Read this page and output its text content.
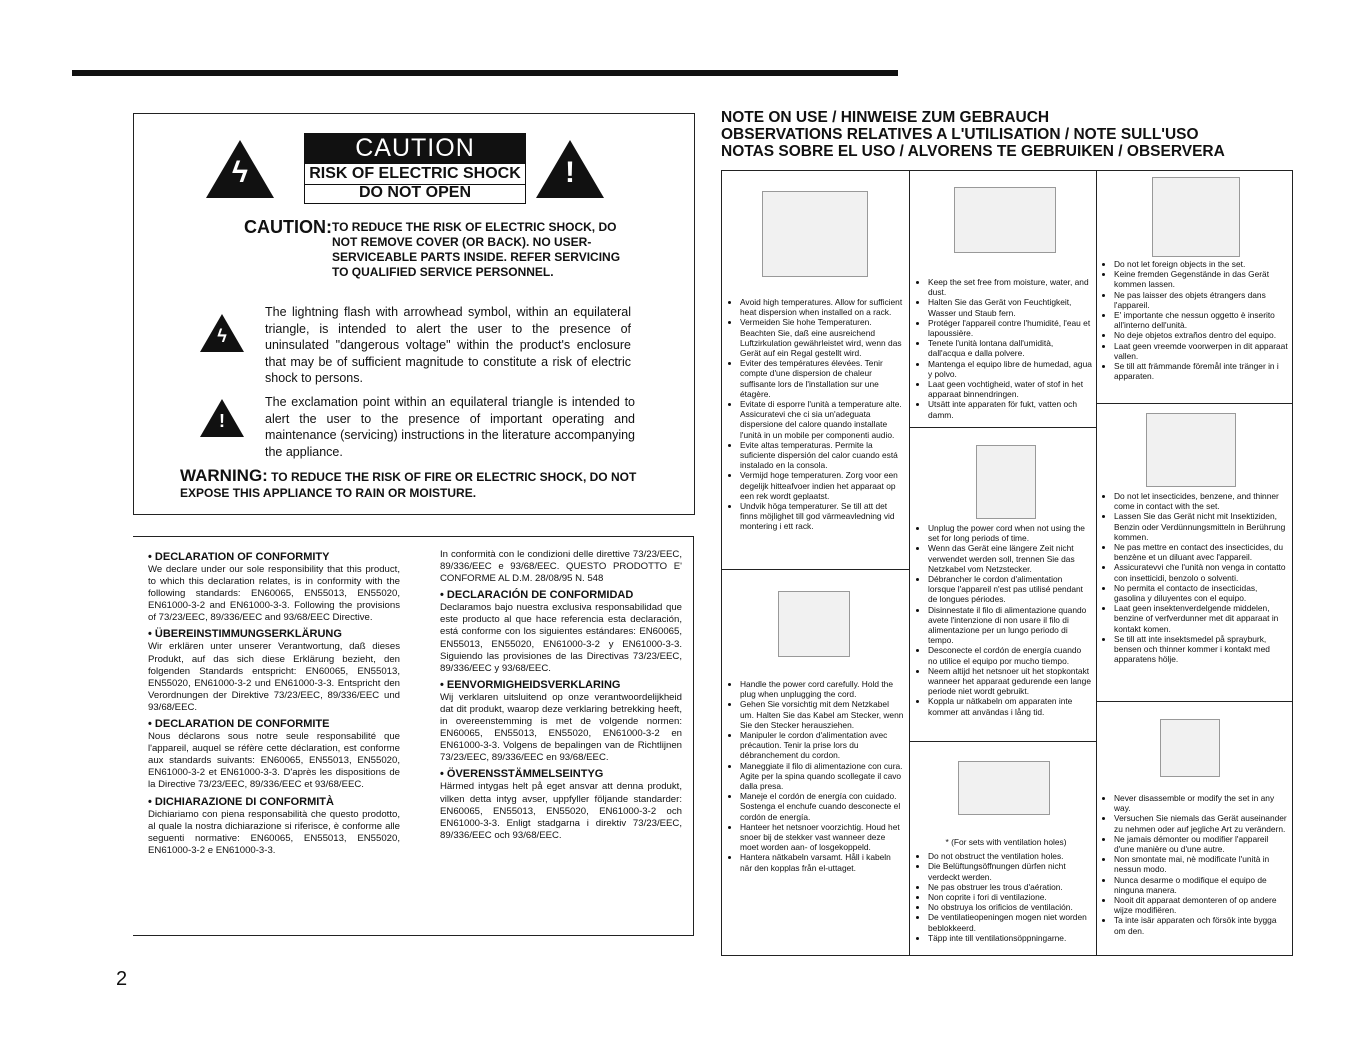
ϟ
CAUTION
RISK OF ELECTRIC SHOCK
DO NOT OPEN
!
CAUTION: TO REDUCE THE RISK OF ELECTRIC SHOCK, DO NOT REMOVE COVER (OR BACK). NO USER-SERVICEABLE PARTS INSIDE. REFER SERVICING TO QUALIFIED SERVICE PERSONNEL.
ϟ
The lightning flash with arrowhead symbol, within an equilateral triangle, is intended to alert the user to the presence of uninsulated "dangerous voltage" within the product's enclosure that may be of sufficient magnitude to constitute a risk of electric shock to persons.
!
The exclamation point within an equilateral triangle is intended to alert the user to the presence of important operating and maintenance (servicing) instructions in the literature accompanying the appliance.
WARNING: TO REDUCE THE RISK OF FIRE OR ELECTRIC SHOCK, DO NOT EXPOSE THIS APPLIANCE TO RAIN OR MOISTURE.
• DECLARATION OF CONFORMITY

We declare under our sole responsibility that this product, to which this declaration relates, is in conformity with the following standards: EN60065, EN55013, EN55020, EN61000-3-2 and EN61000-3-3. Following the provisions of 73/23/EEC, 89/336/EEC and 93/68/EEC Directive.

• ÜBEREINSTIMMUNGSERKLÄRUNG

Wir erklären unter unserer Verantwortung, daß dieses Produkt, auf das sich diese Erklärung bezieht, den folgenden Standards entspricht: EN60065, EN55013, EN55020, EN61000-3-2 und EN61000-3-3. Entspricht den Verordnungen der Direktive 73/23/EEC, 89/336/EEC und 93/68/EEC.

• DECLARATION DE CONFORMITE

Nous déclarons sous notre seule responsabilité que l'appareil, auquel se réfère cette déclaration, est conforme aux standards suivants: EN60065, EN55013, EN55020, EN61000-3-2 et EN61000-3-3. D'après les dispositions de la Directive 73/23/EEC, 89/336/EEC et 93/68/EEC.

• DICHIARAZIONE DI CONFORMITÀ

Dichiariamo con piena responsabilità che questo prodotto, al quale la nostra dichiarazione si riferisce, è conforme alle seguenti normative: EN60065, EN55013, EN55020, EN61000-3-2 e EN61000-3-3.

In conformità con le condizioni delle direttive 73/23/EEC, 89/336/EEC e 93/68/EEC. QUESTO PRODOTTO E' CONFORME AL D.M. 28/08/95 N. 548

• DECLARACIÓN DE CONFORMIDAD

Declaramos bajo nuestra exclusiva responsabilidad que este producto al que hace referencia esta declaración, está conforme con los siguientes estándares: EN60065, EN55013, EN55020, EN61000-3-2 y EN61000-3-3. Siguiendo las provisiones de las Directivas 73/23/EEC, 89/336/EEC y 93/68/EEC.

• EENVORMIGHEIDSVERKLARING

Wij verklaren uitsluitend op onze verantwoordelijkheid dat dit produkt, waarop deze verklaring betrekking heeft, in overeenstemming is met de volgende normen: EN60065, EN55013, EN55020, EN61000-3-2 en EN61000-3-3. Volgens de bepalingen van de Richtlijnen 73/23/EEC, 89/336/EEC en 93/68/EEC.

• ÖVERENSSTÄMMELSEINTYG

Härmed intygas helt på eget ansvar att denna produkt, vilken detta intyg avser, uppfyller följande standarder: EN60065, EN55013, EN55020, EN61000-3-2 och EN61000-3-3. Enligt stadgarna i direktiv 73/23/EEC, 89/336/EEC och 93/68/EEC.

NOTE ON USE / HINWEISE ZUM GEBRAUCH
OBSERVATIONS RELATIVES A L'UTILISATION / NOTE SULL'USO
NOTAS SOBRE EL USO / ALVORENS TE GEBRUIKEN / OBSERVERA
• Avoid high temperatures. Allow for sufficient heat dispersion when installed on a rack.
• Vermeiden Sie hohe Temperaturen. Beachten Sie, daß eine ausreichend Luftzirkulation gewährleistet wird, wenn das Gerät auf ein Regal gestellt wird.
• Eviter des températures élevées. Tenir compte d'une dispersion de chaleur suffisante lors de l'installation sur une étagère.
• Evitate di esporre l'unità a temperature alte. Assicuratevi che ci sia un'adeguata dispersione del calore quando installate l'unità in un mobile per componenti audio.
• Evite altas temperaturas. Permite la suficiente dispersión del calor cuando está instalado en la consola.
• Vermijd hoge temperaturen. Zorg voor een degelijk hitteafvoer indien het apparaat op een rek wordt geplaatst.
• Undvik höga temperaturer. Se till att det finns möjlighet till god värmeavledning vid montering i ett rack.
• Handle the power cord carefully. Hold the plug when unplugging the cord.
• Gehen Sie vorsichtig mit dem Netzkabel um. Halten Sie das Kabel am Stecker, wenn Sie den Stecker herausziehen.
• Manipuler le cordon d'alimentation avec précaution. Tenir la prise lors du débranchement du cordon.
• Maneggiate il filo di alimentazione con cura. Agite per la spina quando scollegate il cavo dalla presa.
• Maneje el cordón de energía con cuidado. Sostenga el enchufe cuando desconecte el cordón de energía.
• Hanteer het netsnoer voorzichtig. Houd het snoer bij de stekker vast wanneer deze moet worden aan- of losgekoppeld.
• Hantera nätkabeln varsamt. Håll i kabeln när den kopplas från el-uttaget.
• Keep the set free from moisture, water, and dust.
• Halten Sie das Gerät von Feuchtigkeit, Wasser und Staub fern.
• Protéger l'appareil contre l'humidité, l'eau et lapoussière.
• Tenete l'unità lontana dall'umidità, dall'acqua e dalla polvere.
• Mantenga el equipo libre de humedad, agua y polvo.
• Laat geen vochtigheid, water of stof in het apparaat binnendringen.
• Utsätt inte apparaten för fukt, vatten och damm.
• Unplug the power cord when not using the set for long periods of time.
• Wenn das Gerät eine längere Zeit nicht verwendet werden soll, trennen Sie das Netzkabel vom Netzstecker.
• Débrancher le cordon d'alimentation lorsque l'appareil n'est pas utilisé pendant de longues périodes.
• Disinnestate il filo di alimentazione quando avete l'intenzione di non usare il filo di alimentazione per un lungo periodo di tempo.
• Desconecte el cordón de energía cuando no utilice el equipo por mucho tiempo.
• Neem altijd het netsnoer uit het stopkontakt wanneer het apparaat gedurende een lange periode niet wordt gebruikt.
• Koppla ur nätkabeln om apparaten inte kommer att användas i lång tid.
* (For sets with ventilation holes)
• Do not obstruct the ventilation holes.
• Die Belüftungsöffnungen dürfen nicht verdeckt werden.
• Ne pas obstruer les trous d'aération.
• Non coprite i fori di ventilazione.
• No obstruya los orificios de ventilación.
• De ventilatieopeningen mogen niet worden beblokkeerd.
• Täpp inte till ventilationsöppningarne.
• Do not let foreign objects in the set.
• Keine fremden Gegenstände in das Gerät kommen lassen.
• Ne pas laisser des objets étrangers dans l'appareil.
• E' importante che nessun oggetto è inserito all'interno dell'unità.
• No deje objetos extraños dentro del equipo.
• Laat geen vreemde voorwerpen in dit apparaat vallen.
• Se till att främmande föremål inte tränger in i apparaten.
• Do not let insecticides, benzene, and thinner come in contact with the set.
• Lassen Sie das Gerät nicht mit Insektiziden, Benzin oder Verdünnungsmitteln in Berührung kommen.
• Ne pas mettre en contact des insecticides, du benzène et un diluant avec l'appareil.
• Assicuratevvi che l'unità non venga in contatto con insetticidi, benzolo o solventi.
• No permita el contacto de insecticidas, gasolina y diluyentes con el equipo.
• Laat geen insektenverdelgende middelen, benzine of verfverdunner met dit apparaat in kontakt komen.
• Se till att inte insektsmedel på sprayburk, bensen och thinner kommer i kontakt med apparatens hölje.
• Never disassemble or modify the set in any way.
• Versuchen Sie niemals das Gerät auseinander zu nehmen oder auf jegliche Art zu verändern.
• Ne jamais démonter ou modifier l'appareil d'une manière ou d'une autre.
• Non smontate mai, nè modificate l'unità in nessun modo.
• Nunca desarme o modifique el equipo de ninguna manera.
• Nooit dit apparaat demonteren of op andere wijze modifiëren.
• Ta inte isär apparaten och försök inte bygga om den.
2
